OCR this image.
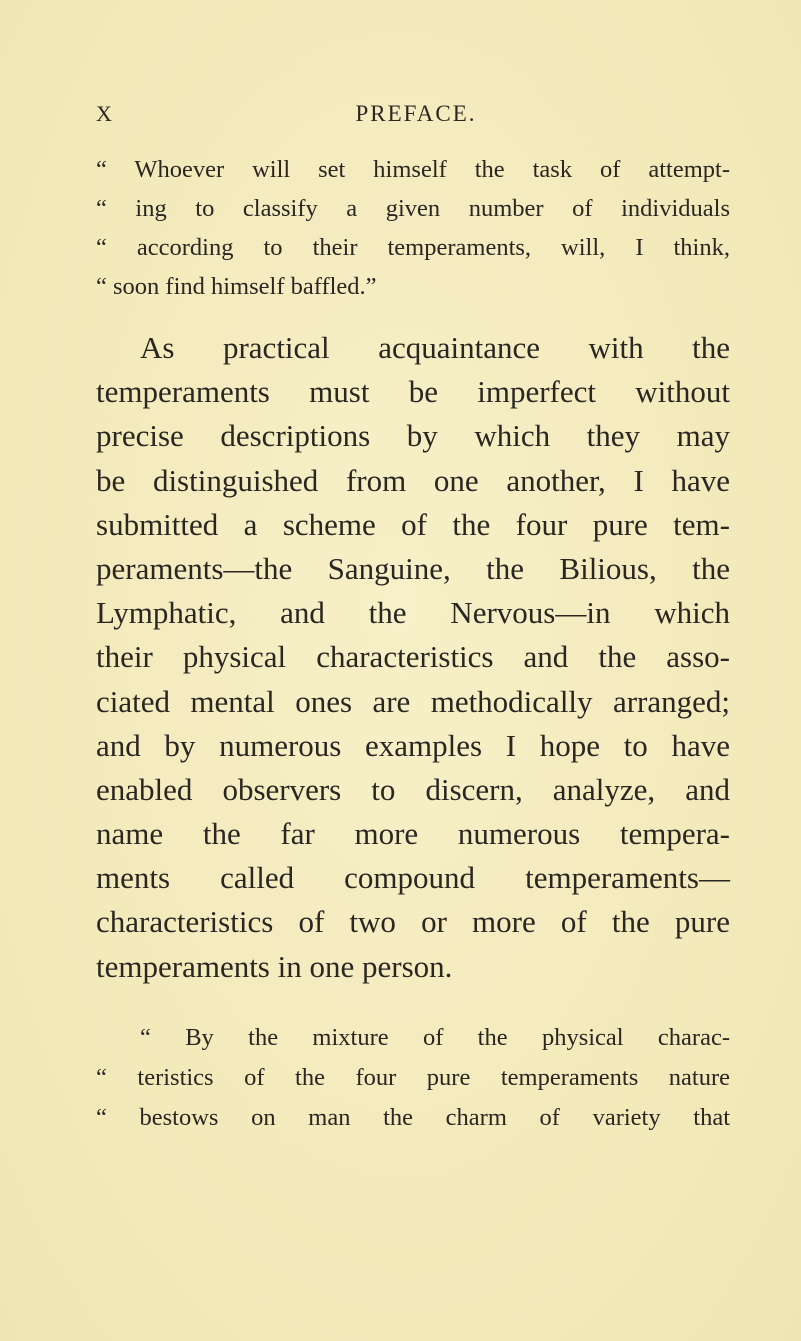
X	PREFACE.
“ Whoever will set himself the task of attempt-
“ ing to classify a given number of individuals
“ according to their temperaments, will, I think,
“ soon find himself baffled.”
As practical acquaintance with the
temperaments must be imperfect without
precise descriptions by which they may
be distinguished from one another, I have
submitted a scheme of the four pure tem-
peraments—the Sanguine, the Bilious, the
Lymphatic, and the Nervous—in which
their physical characteristics and the asso-
ciated mental ones are methodically arranged;
and by numerous examples I hope to have
enabled observers to discern, analyze, and
name the far more numerous tempera-
ments called compound temperaments—
characteristics of two or more of the pure
temperaments in one person.
“ By the mixture of the physical charac-
“ teristics of the four pure temperaments nature
“ bestows on man the charm of variety that
